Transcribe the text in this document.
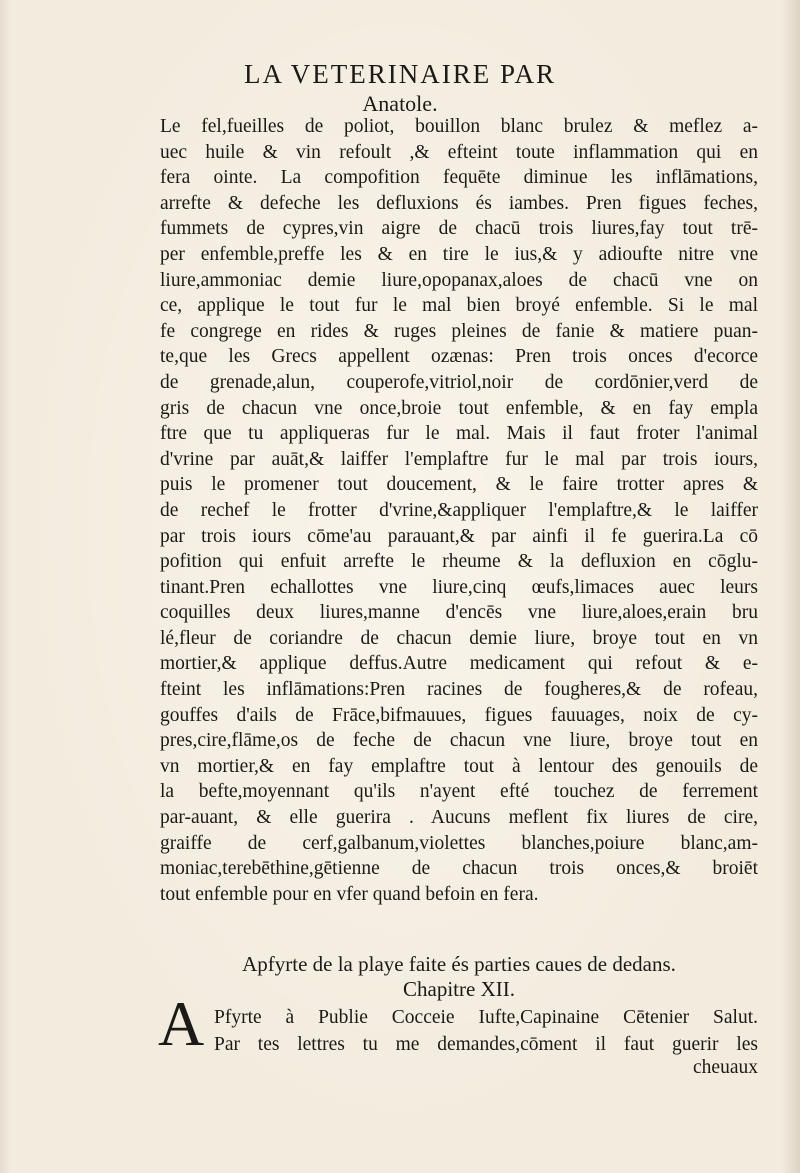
LA VETERINAIRE PAR
Anatole.
Le fel,fueilles de poliot, bouillon blanc brulez & meflez a-
uec huile & vin refoult ,& efteint toute inflammation qui en
fera ointe. La compofition fequēte diminue les inflāmations,
arrefte & defeche les defluxions és iambes. Pren figues feches,
fummets de cypres,vin aigre de chacū trois liures,fay tout trē-
per enfemble,preffe les & en tire le ius,& y adioufte nitre vne
liure,ammoniac demie liure,opopanax,aloes de chacū vne on
ce, applique le tout fur le mal bien broyé enfemble. Si le mal
fe congrege en rides & ruges pleines de fanie & matiere puan-
te,que les Grecs appellent ozænas: Pren trois onces d'ecorce
de grenade,alun, couperofe,vitriol,noir de cordōnier,verd de
gris de chacun vne once,broie tout enfemble, & en fay empla
ftre que tu appliqueras fur le mal. Mais il faut froter l'animal
d'vrine par auāt,& laiffer l'emplaftre fur le mal par trois iours,
puis le promener tout doucement, & le faire trotter apres &
de rechef le frotter d'vrine,&appliquer l'emplaftre,& le laiffer
par trois iours cōme'au parauant,& par ainfi il fe guerira.La cō
pofition qui enfuit arrefte le rheume & la defluxion en cōglu-
tinant.Pren echallottes vne liure,cinq œufs,limaces auec leurs
coquilles deux liures,manne d'encēs vne liure,aloes,erain bru
lé,fleur de coriandre de chacun demie liure, broye tout en vn
mortier,& applique deffus.Autre medicament qui refout & e-
fteint les inflāmations:Pren racines de fougheres,& de rofeau,
gouffes d'ails de Frāce,bifmauues, figues fauuages, noix de cy-
pres,cire,flāme,os de feche de chacun vne liure, broye tout en
vn mortier,& en fay emplaftre tout à lentour des genouils de
la befte,moyennant qu'ils n'ayent efté touchez de ferrement
par-auant, & elle guerira . Aucuns meflent fix liures de cire,
graiffe de cerf,galbanum,violettes blanches,poiure blanc,am-
moniac,terebēthine,gētienne de chacun trois onces,& broiēt
tout enfemble pour en vfer quand befoin en fera.
Apfyrte de la playe faite és parties caues de dedans.
Chapitre XII.
A Pfyrte à Publie Cocceie Iufte,Capinaine Cētenier Salut.
Par tes lettres tu me demandes,cōment il faut guerir les
cheuaux
